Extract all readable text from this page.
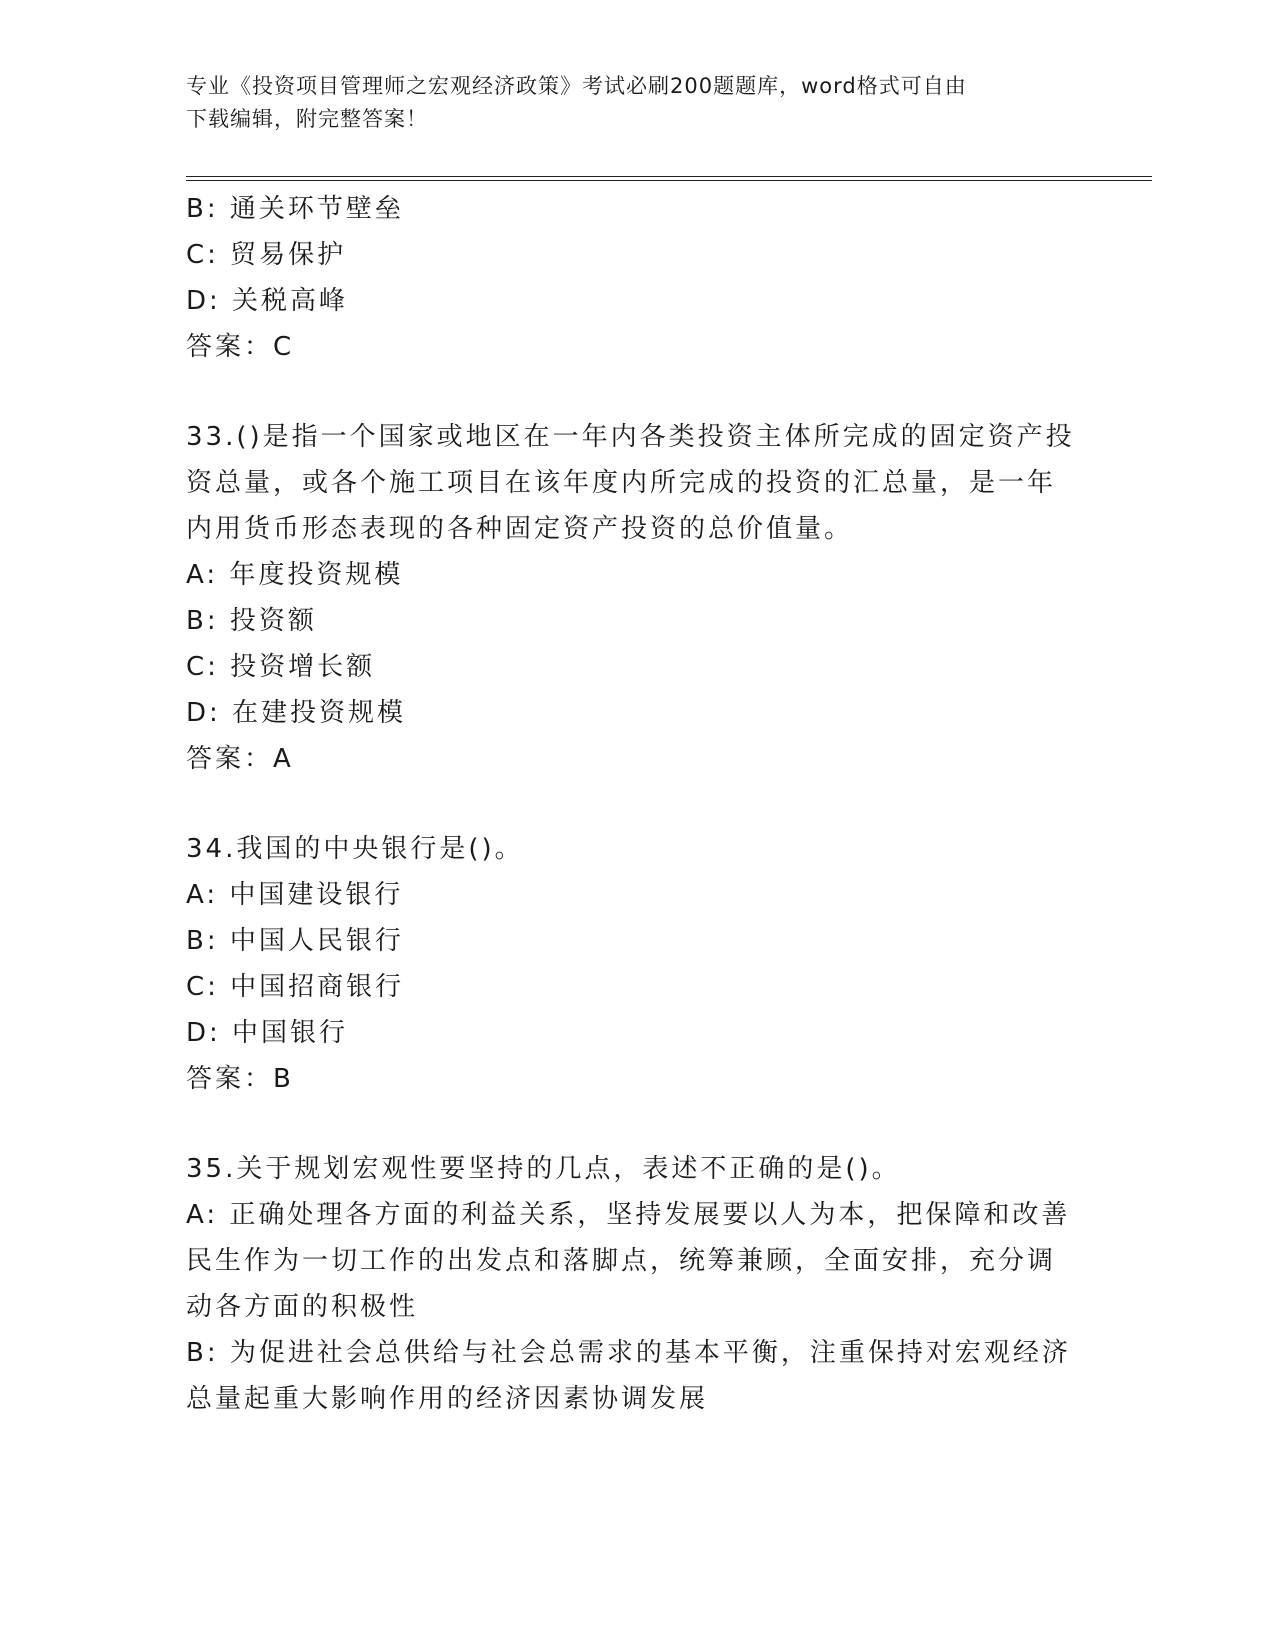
专业《投资项目管理师之宏观经济政策》考试必刷200题题库，word格式可自由
下载编辑，附完整答案！
B: 通关环节壁垒
C: 贸易保护
D: 关税高峰
答案：C
33.()是指一个国家或地区在一年内各类投资主体所完成的固定资产投
资总量，或各个施工项目在该年度内所完成的投资的汇总量，是一年
内用货币形态表现的各种固定资产投资的总价值量。
A: 年度投资规模
B: 投资额
C: 投资增长额
D: 在建投资规模
答案：A
34.我国的中央银行是()。
A: 中国建设银行
B: 中国人民银行
C: 中国招商银行
D: 中国银行
答案：B
35.关于规划宏观性要坚持的几点，表述不正确的是()。
A: 正确处理各方面的利益关系，坚持发展要以人为本，把保障和改善
民生作为一切工作的出发点和落脚点，统筹兼顾，全面安排，充分调
动各方面的积极性
B: 为促进社会总供给与社会总需求的基本平衡，注重保持对宏观经济
总量起重大影响作用的经济因素协调发展
